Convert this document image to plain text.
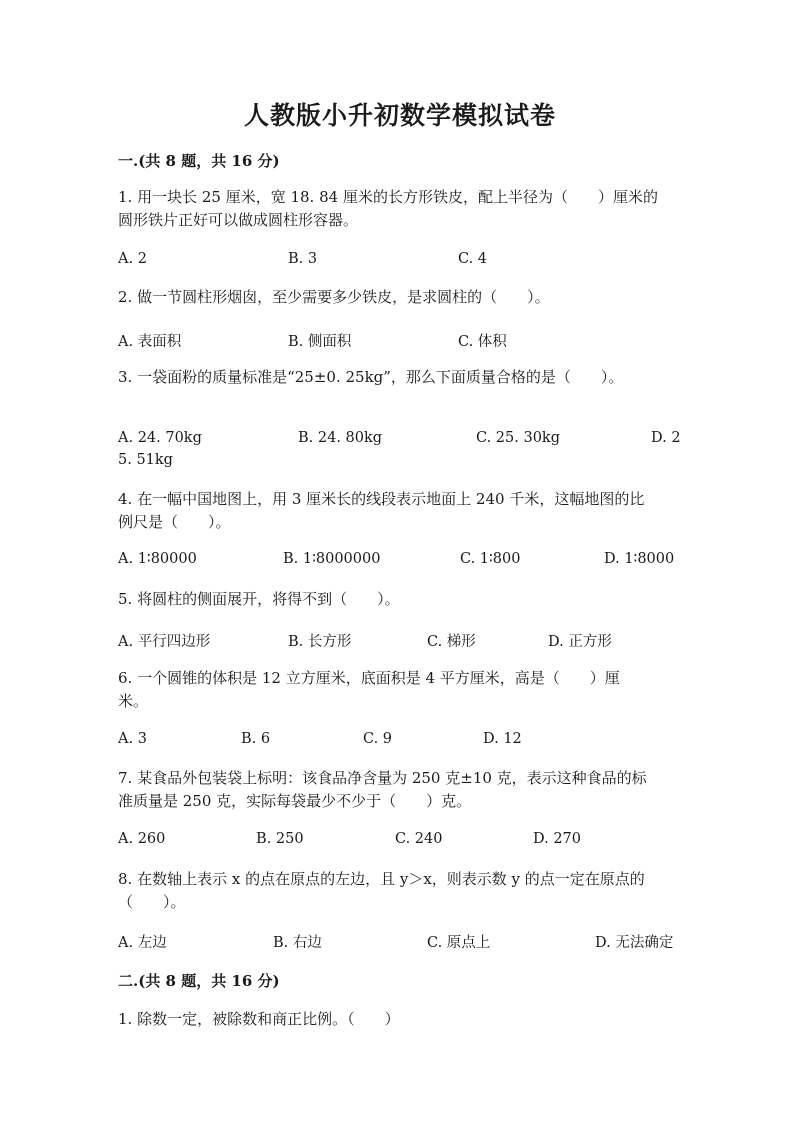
人教版小升初数学模拟试卷
一.(共 8 题，共 16 分)
1. 用一块长 25 厘米，宽 18. 84 厘米的长方形铁皮，配上半径为（　　）厘米的
圆形铁片正好可以做成圆柱形容器。
A. 2	B. 3	C. 4
2. 做一节圆柱形烟囱，至少需要多少铁皮，是求圆柱的（　　）。
A. 表面积	B. 侧面积	C. 体积
3. 一袋面粉的质量标准是“25±0. 25kg”，那么下面质量合格的是（　　）。
A. 24. 70kg	B. 24. 80kg	C. 25. 30kg	D. 2
5. 51kg
4. 在一幅中国地图上，用 3 厘米长的线段表示地面上 240 千米，这幅地图的比
例尺是（　　）。
A. 1∶80000	B. 1∶8000000	C. 1∶800	D. 1∶8000
5. 将圆柱的侧面展开，将得不到（　　）。
A. 平行四边形	B. 长方形	C. 梯形	D. 正方形
6. 一个圆锥的体积是 12 立方厘米，底面积是 4 平方厘米，高是（　　）厘
米。
A. 3	B. 6	C. 9	D. 12
7. 某食品外包装袋上标明：该食品净含量为 250 克±10 克，表示这种食品的标
准质量是 250 克，实际每袋最少不少于（　　）克。
A. 260	B. 250	C. 240	D. 270
8. 在数轴上表示 x 的点在原点的左边，且 y＞x，则表示数 y 的点一定在原点的
（　　）。
A. 左边	B. 右边	C. 原点上	D. 无法确定
二.(共 8 题，共 16 分)
1. 除数一定，被除数和商正比例。（　　）
